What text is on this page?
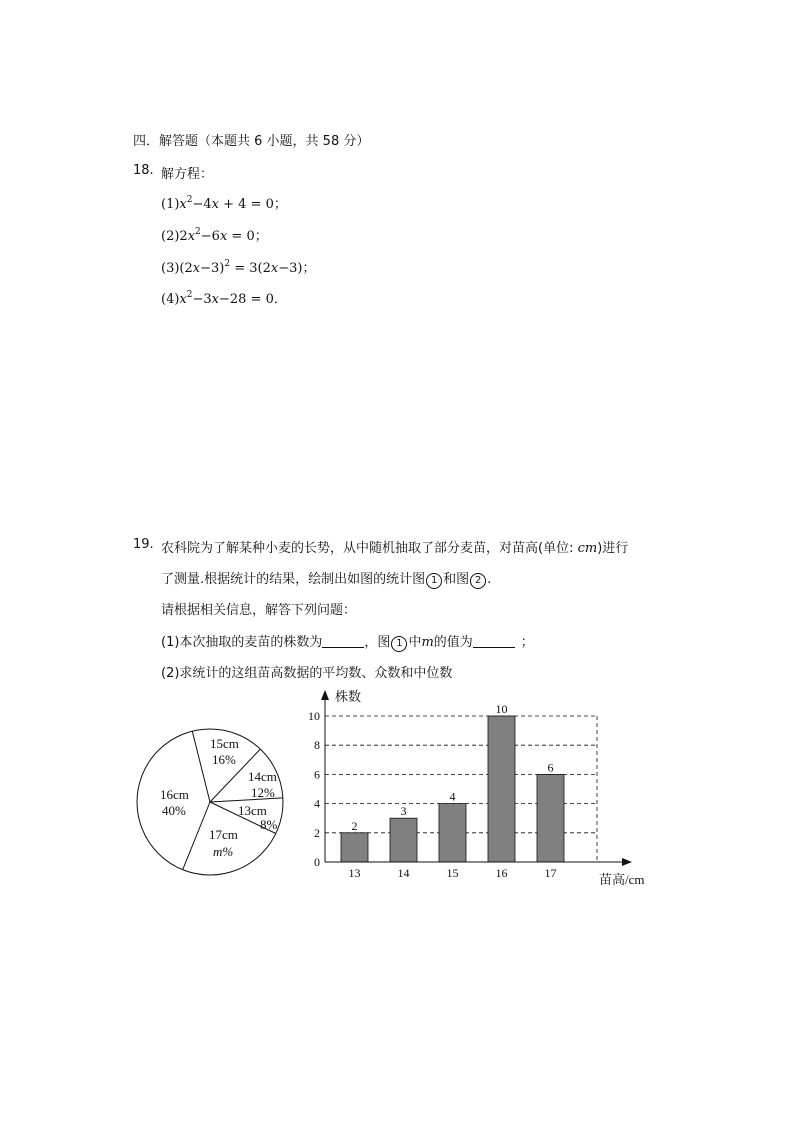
四．解答题（本题共 6 小题，共 58 分）
18. 解方程：
$(1)x^2-4x + 4 = 0$；
$(2)2x^2-6x = 0$；
$(3)(2x-3)^2 = 3(2x-3)$；
$(4)x^2-3x-28 = 0$．
19. 农科院为了解某种小麦的长势，从中随机抽取了部分麦苗，对苗高(单位: cm)进行
了测量.根据统计的结果，绘制出如图的统计图 1 和图 2 .
请根据相关信息，解答下列问题：
(1)本次抽取的麦苗的株数为	，图 1 中m的值为	；
(2)求统计的这组苗高数据的平均数、众数和中位数
15cm
16%
14cm
12%
13cm
8%
17cm
m%
16cm
40%
0
2
4
6
8
10
2
13
3
14
4
15
10
16
6
17
株数
苗高/cm
